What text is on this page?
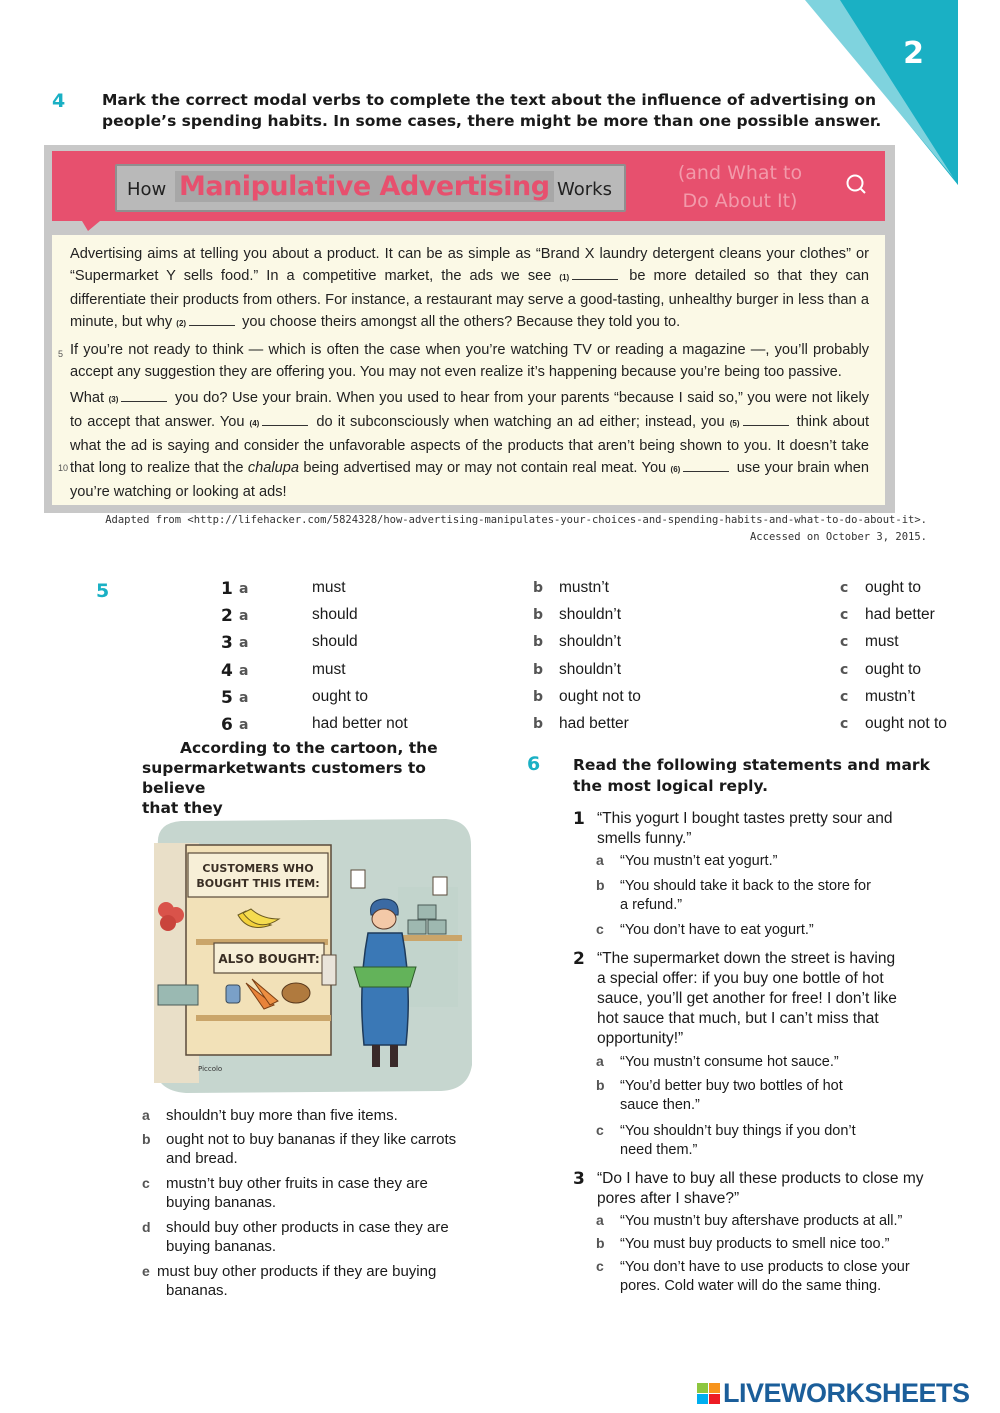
2
4 Mark the correct modal verbs to complete the text about the influence of advertising on people’s spending habits. In some cases, there might be more than one possible answer.
How Manipulative Advertising Works
(and What to
Do About It)

Advertising aims at telling you about a product. It can be as simple as “Brand X laundry detergent cleans your clothes” or “Supermarket Y sells food.” In a competitive market, the ads we see (1)	be more detailed so that they can differentiate their products from others. For instance, a restaurant may serve a good-tasting, unhealthy burger in less than a minute, but why (2)	you choose theirs amongst all the others? Because they told you to.

5 If you’re not ready to think — which is often the case when you’re watching TV or reading a magazine —, you’ll probably accept any suggestion they are offering you. You may not even realize it’s happening because you’re being too passive.

What (3)	you do? Use your brain. When you used to hear from your parents “because I said so,” you were not likely to accept that answer. You (4)	do it subconsciously when watching an ad either; instead, you (5)	think about what the ad is saying and consider the unfavorable aspects of the products that aren’t being shown to you. It doesn’t take that long to realize that the chalupa being advertised may or may not contain real meat. You (6)	use your brain when you’re watching or looking at ads!
10

Adapted from <http://lifehacker.com/5824328/how-advertising-manipulates-your-choices-and-spending-habits-and-what-to-do-about-it>.
Accessed on October 3, 2015.
5	1 a	must	b mustn’t	c ought to
2 a	should	b shouldn’t	c had better
3 a	should	b shouldn’t	c must
4 a	must	b shouldn’t	c ought to
5 a	ought to	b ought not to	c mustn’t
6 a	had better not	b had better	c ought not to
According to the cartoon, the
supermarketwants customers to believe
that they
CUSTOMERS WHO
BOUGHT THIS ITEM:
ALSO BOUGHT:
Piccolo
a shouldn’t buy more than five items.
b ought not to buy bananas if they like carrots
and bread.
c mustn’t buy other fruits in case they are
buying bananas.
d should buy other products in case they are
buying bananas.
e must buy other products if they are buying
bananas.
6 Read the following statements and mark
the most logical reply.
1 “This yogurt I bought tastes pretty sour and
smells funny.”
a “You mustn’t eat yogurt.”
b “You should take it back to the store for
a refund.”
c “You don’t have to eat yogurt.”
2 “The supermarket down the street is having
a special offer: if you buy one bottle of hot
sauce, you’ll get another for free! I don’t like
hot sauce that much, but I can’t miss that
opportunity!”
a “You mustn’t consume hot sauce.”
b “You’d better buy two bottles of hot
sauce then.”
c “You shouldn’t buy things if you don’t
need them.”
3 “Do I have to buy all these products to close my
pores after I shave?”
a “You mustn’t buy aftershave products at all.”
b “You must buy products to smell nice too.”
c “You don’t have to use products to close your
pores. Cold water will do the same thing.
LIVEWORKSHEETS
